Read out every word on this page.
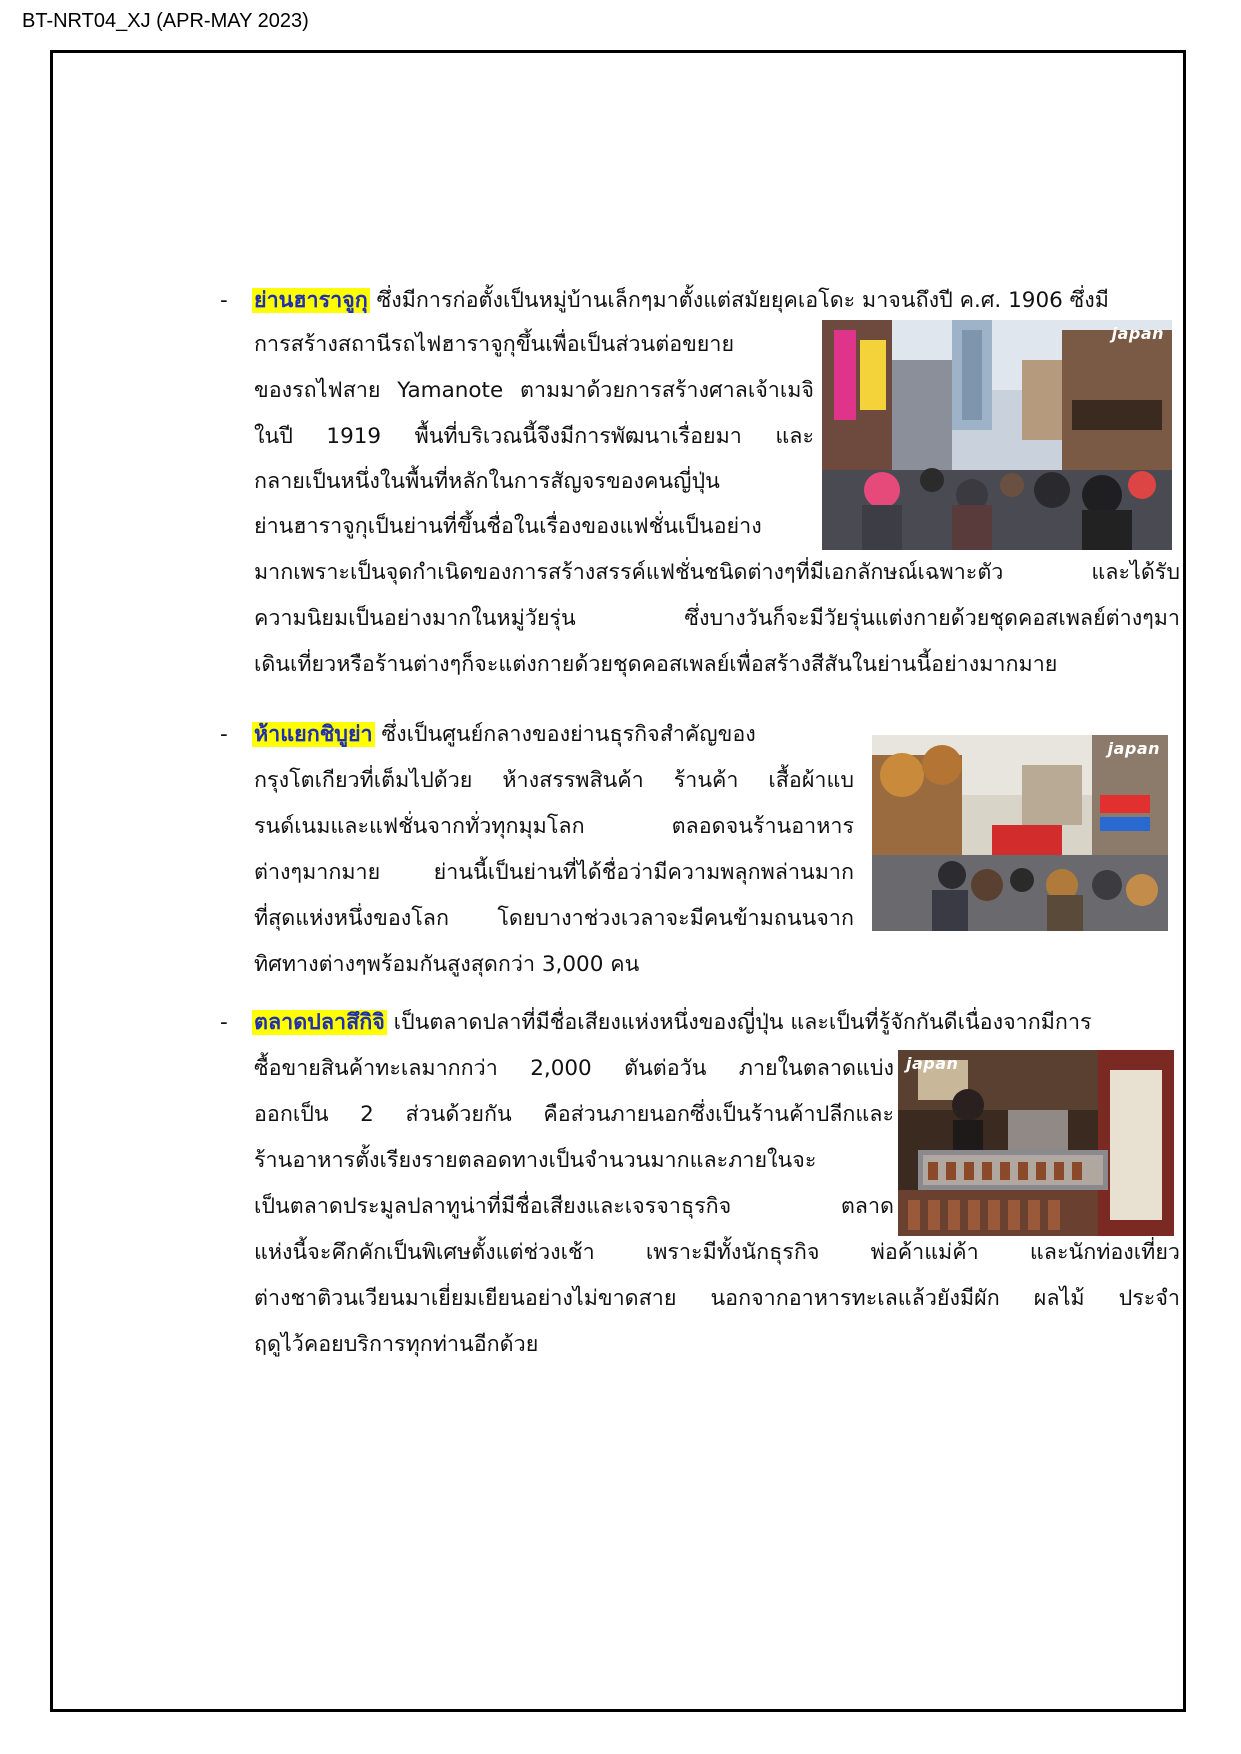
BT-NRT04_XJ (APR-MAY 2023)
- ย่านฮาราจูกุ ซึ่งมีการก่อตั้งเป็นหมู่บ้านเล็กๆมาตั้งแต่สมัยยุคเอโดะ มาจนถึงปี ค.ศ. 1906 ซึ่งมี
การสร้างสถานีรถไฟฮาราจูกุขึ้นเพื่อเป็นส่วนต่อขยาย
ของรถไฟสาย Yamanote ตามมาด้วยการสร้างศาลเจ้าเมจิ
ในปี 1919 พื้นที่บริเวณนี้จึงมีการพัฒนาเรื่อยมา และ
กลายเป็นหนึ่งในพื้นที่หลักในการสัญจรของคนญี่ปุ่น
ย่านฮาราจูกุเป็นย่านที่ขึ้นชื่อในเรื่องของแฟชั่นเป็นอย่าง
มากเพราะเป็นจุดกำเนิดของการสร้างสรรค์แฟชั่นชนิดต่างๆที่มีเอกลักษณ์เฉพาะตัว และได้รับ
ความนิยมเป็นอย่างมากในหมู่วัยรุ่น ซึ่งบางวันก็จะมีวัยรุ่นแต่งกายด้วยชุดคอสเพลย์ต่างๆมา
เดินเที่ยวหรือร้านต่างๆก็จะแต่งกายด้วยชุดคอสเพลย์เพื่อสร้างสีสันในย่านนี้อย่างมากมาย
japan
- ห้าแยกชิบูย่า ซึ่งเป็นศูนย์กลางของย่านธุรกิจสำคัญของ
กรุงโตเกียวที่เต็มไปด้วย ห้างสรรพสินค้า ร้านค้า เสื้อผ้าแบ
รนด์เนมและแฟชั่นจากทั่วทุกมุมโลก ตลอดจนร้านอาหาร
ต่างๆมากมาย ย่านนี้เป็นย่านที่ได้ชื่อว่ามีความพลุกพล่านมาก
ที่สุดแห่งหนึ่งของโลก โดยบางาช่วงเวลาจะมีคนข้ามถนนจาก
ทิศทางต่างๆพร้อมกันสูงสุดกว่า 3,000 คน
japan
- ตลาดปลาสึกิจิ เป็นตลาดปลาที่มีชื่อเสียงแห่งหนึ่งของญี่ปุ่น และเป็นที่รู้จักกันดีเนื่องจากมีการ
ซื้อขายสินค้าทะเลมากกว่า 2,000 ตันต่อวัน ภายในตลาดแบ่ง
ออกเป็น 2 ส่วนด้วยกัน คือส่วนภายนอกซึ่งเป็นร้านค้าปลีกและ
ร้านอาหารตั้งเรียงรายตลอดทางเป็นจำนวนมากและภายในจะ
เป็นตลาดประมูลปลาทูน่าที่มีชื่อเสียงและเจรจาธุรกิจ ตลาด
แห่งนี้จะคึกคักเป็นพิเศษตั้งแต่ช่วงเช้า เพราะมีทั้งนักธุรกิจ พ่อค้าแม่ค้า และนักท่องเที่ยว
ต่างชาติวนเวียนมาเยี่ยมเยียนอย่างไม่ขาดสาย นอกจากอาหารทะเลแล้วยังมีผัก ผลไม้ ประจำ
ฤดูไว้คอยบริการทุกท่านอีกด้วย
japan
